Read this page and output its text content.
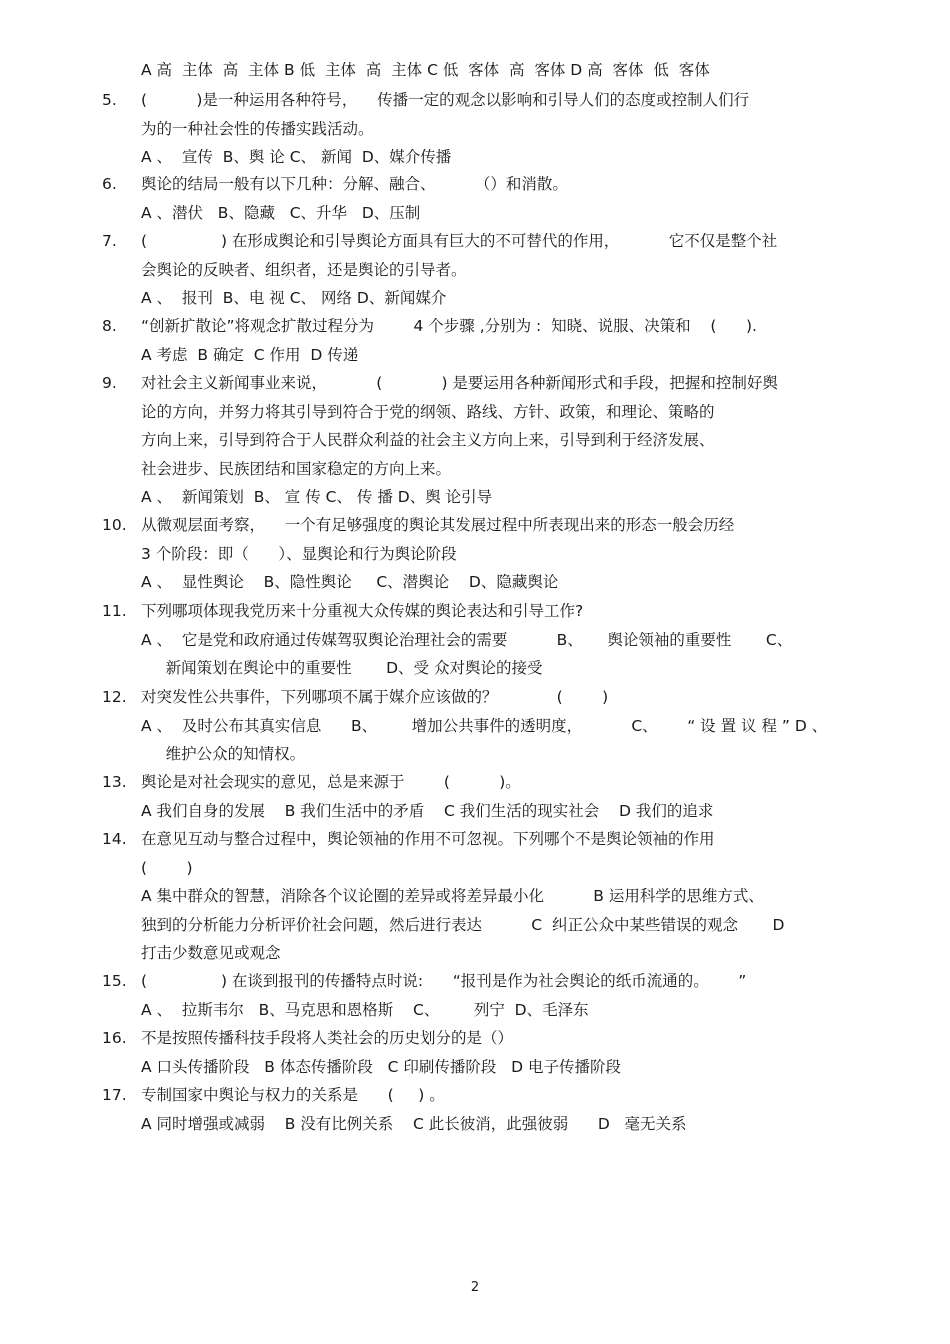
A 高  主体  高  主体 B 低  主体  高  主体 C 低  客体  高  客体 D 高  客体  低  客体
5. (          )是一种运用各种符号，    传播一定的观念以影响和引导人们的态度或控制人们行
为的一种社会性的传播实践活动。
A 、  宣传  B、舆 论 C、 新闻  D、媒介传播
6. 舆论的结局一般有以下几种：分解、融合、        （）和消散。
A 、潜伏   B、隐藏   C、升华   D、压制
7. (               ) 在形成舆论和引导舆论方面具有巨大的不可替代的作用，          它不仅是整个社
会舆论的反映者、组织者，还是舆论的引导者。
A 、  报刊  B、电 视 C、 网络 D、新闻媒介
8. “创新扩散论”将观念扩散过程分为        4 个步骤 ,分别为 :  知晓、说服、决策和    (      ).
A 考虑  B 确定  C 作用  D 传递
9. 对社会主义新闻事业来说，          (            ) 是要运用各种新闻形式和手段，把握和控制好舆
论的方向，并努力将其引导到符合于党的纲领、路线、方针、政策，和理论、策略的
方向上来，引导到符合于人民群众利益的社会主义方向上来，引导到利于经济发展、
社会进步、民族团结和国家稳定的方向上来。
A 、  新闻策划  B、 宣 传 C、 传 播 D、舆 论引导
10. 从微观层面考察，    一个有足够强度的舆论其发展过程中所表现出来的形态一般会历经
3 个阶段：即（      ）、显舆论和行为舆论阶段
A 、  显性舆论    B、隐性舆论     C、潜舆论    D、隐藏舆论
11. 下列哪项体现我党历来十分重视大众传媒的舆论表达和引导工作?
A 、  它是党和政府通过传媒驾驭舆论治理社会的需要          B、     舆论领袖的重要性       C、
新闻策划在舆论中的重要性       D、受 众对舆论的接受
12. 对突发性公共事件，下列哪项不属于媒介应该做的？            (        )
A 、  及时公布其真实信息      B、       增加公共事件的透明度，          C、      “ 设 置 议 程 ” D 、
维护公众的知情权。
13. 舆论是对社会现实的意见，总是来源于        (          )。
A 我们自身的发展    B 我们生活中的矛盾    C 我们生活的现实社会    D 我们的追求
14. 在意见互动与整合过程中，舆论领袖的作用不可忽视。下列哪个不是舆论领袖的作用
(        )
A 集中群众的智慧，消除各个议论圈的差异或将差异最小化          B 运用科学的思维方式、
独到的分析能力分析评价社会问题，然后进行表达          C  纠正公众中某些错误的观念       D
打击少数意见或观念
15. (               ) 在谈到报刊的传播特点时说:      “报刊是作为社会舆论的纸币流通的。      ”
A 、  拉斯韦尔   B、马克思和恩格斯    C、       列宁  D、毛泽东
16. 不是按照传播科技手段将人类社会的历史划分的是（）
A 口头传播阶段   B 体态传播阶段   C 印刷传播阶段   D 电子传播阶段
17. 专制国家中舆论与权力的关系是      (     ) 。
A 同时增强或减弱    B 没有比例关系    C 此长彼消，此强彼弱      D   毫无关系
2
